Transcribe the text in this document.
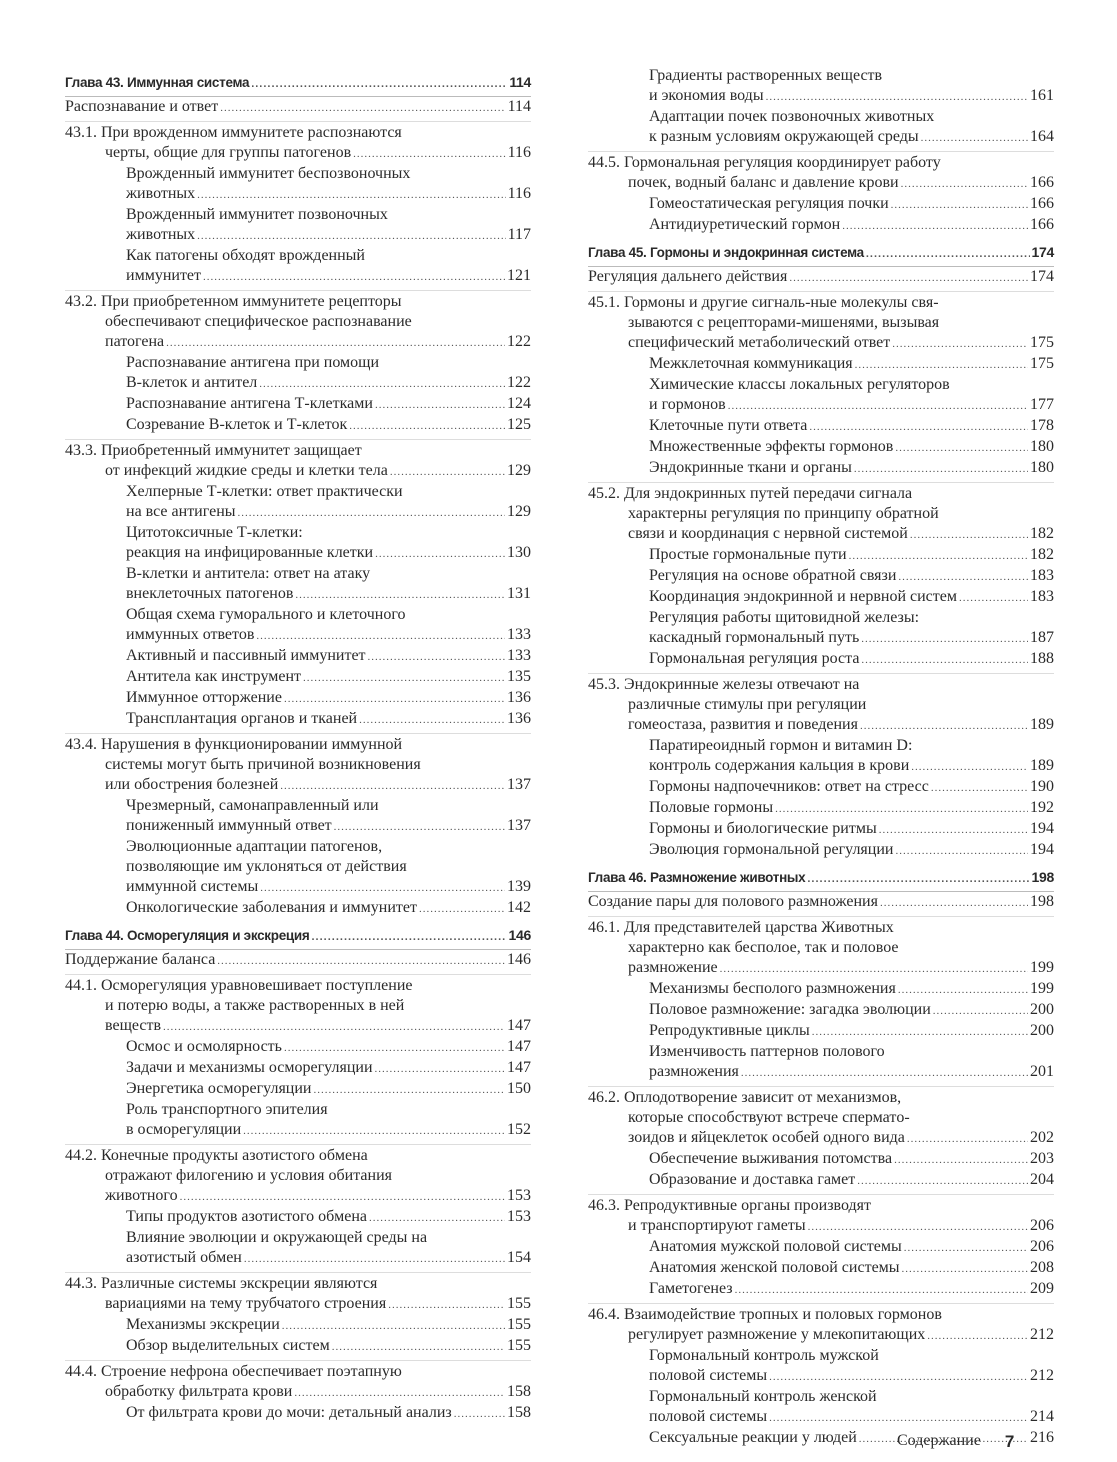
Глава 43. Иммунная система .....	114
Распознавание и ответ .....	114
43.1. При врожденном иммунитете распознаются
черты, общие для группы патогенов .....	116
Врожденный иммунитет беспозвоночных
животных .....	116
Врожденный иммунитет позвоночных
животных .....	117
Как патогены обходят врожденный
иммунитет .....	121
43.2. При приобретенном иммунитете рецепторы
обеспечивают специфическое распознавание
патогена .....	122
Распознавание антигена при помощи
B-клеток и антител .....	122
Распознавание антигена Т-клетками .....	124
Созревание B-клеток и Т-клеток .....	125
43.3. Приобретенный иммунитет защищает
от инфекций жидкие среды и клетки тела .....	129
Хелперные Т-клетки: ответ практически
на все антигены .....	129
Цитотоксичные Т-клетки:
реакция на инфицированные клетки .....	130
B-клетки и антитела: ответ на атаку
внеклеточных патогенов .....	131
Общая схема гуморального и клеточного
иммунных ответов .....	133
Активный и пассивный иммунитет .....	133
Антитела как инструмент .....	135
Иммунное отторжение .....	136
Трансплантация органов и тканей .....	136
43.4. Нарушения в функционировании иммунной
системы могут быть причиной возникновения
или обострения болезней .....	137
Чрезмерный, самонаправленный или
пониженный иммунный ответ .....	137
Эволюционные адаптации патогенов,
позволяющие им уклоняться от действия
иммунной системы .....	139
Онкологические заболевания и иммунитет .....	142
Глава 44. Осморегуляция и экскреция .....	146
Поддержание баланса .....	146
44.1. Осморегуляция уравновешивает поступление
и потерю воды, а также растворенных в ней
веществ .....	147
Осмос и осмолярность .....	147
Задачи и механизмы осморегуляции .....	147
Энергетика осморегуляции .....	150
Роль транспортного эпителия
в осморегуляции .....	152
44.2. Конечные продукты азотистого обмена
отражают филогению и условия обитания
животного .....	153
Типы продуктов азотистого обмена .....	153
Влияние эволюции и окружающей среды на
азотистый обмен .....	154
44.3. Различные системы экскреции являются
вариациями на тему трубчатого строения .....	155
Механизмы экскреции .....	155
Обзор выделительных систем .....	155
44.4. Строение нефрона обеспечивает поэтапную
обработку фильтрата крови .....	158
От фильтрата крови до мочи: детальный анализ .....	158
Градиенты растворенных веществ
и экономия воды .....	161
Адаптации почек позвоночных животных
к разным условиям окружающей среды .....	164
44.5. Гормональная регуляция координирует работу
почек, водный баланс и давление крови .....	166
Гомеостатическая регуляция почки .....	166
Антидиуретический гормон .....	166
Глава 45. Гормоны и эндокринная система .....	174
Регуляция дальнего действия .....	174
45.1. Гормоны и другие сигналь-ные молекулы свя-
зываются с рецепторами-мишенями, вызывая
специфический метаболический ответ .....	175
Межклеточная коммуникация .....	175
Химические классы локальных регуляторов
и гормонов .....	177
Клеточные пути ответа .....	178
Множественные эффекты гормонов .....	180
Эндокринные ткани и органы .....	180
45.2. Для эндокринных путей передачи сигнала
характерны регуляция по принципу обратной
связи и координация с нервной системой .....	182
Простые гормональные пути .....	182
Регуляция на основе обратной связи .....	183
Координация эндокринной и нервной систем .....	183
Регуляция работы щитовидной железы:
каскадный гормональный путь .....	187
Гормональная регуляция роста .....	188
45.3. Эндокринные железы отвечают на
различные стимулы при регуляции
гомеостаза, развития и поведения .....	189
Паратиреоидный гормон и витамин D:
контроль содержания кальция в крови .....	189
Гормоны надпочечников: ответ на стресс .....	190
Половые гормоны .....	192
Гормоны и биологические ритмы .....	194
Эволюция гормональной регуляции .....	194
Глава 46. Размножение животных .....	198
Создание пары для полового размножения .....	198
46.1. Для представителей царства Животных
характерно как бесполое, так и половое
размножение .....	199
Механизмы бесполого размножения .....	199
Половое размножение: загадка эволюции .....	200
Репродуктивные циклы .....	200
Изменчивость паттернов полового
размножения .....	201
46.2. Оплодотворение зависит от механизмов,
которые способствуют встрече сперматo-
зоидов и яйцеклеток особей одного вида .....	202
Обеспечение выживания потомства .....	203
Образование и доставка гамет .....	204
46.3. Репродуктивные органы производят
и транспортируют гаметы .....	206
Анатомия мужской половой системы .....	206
Анатомия женской половой системы .....	208
Гаметогенез .....	209
46.4. Взаимодействие тропных и половых гормонов
регулирует размножение у млекопитающих .....	212
Гормональный контроль мужской
половой системы .....	212
Гормональный контроль женской
половой системы .....	214
Сексуальные реакции у людей .....	216
Содержание 7
